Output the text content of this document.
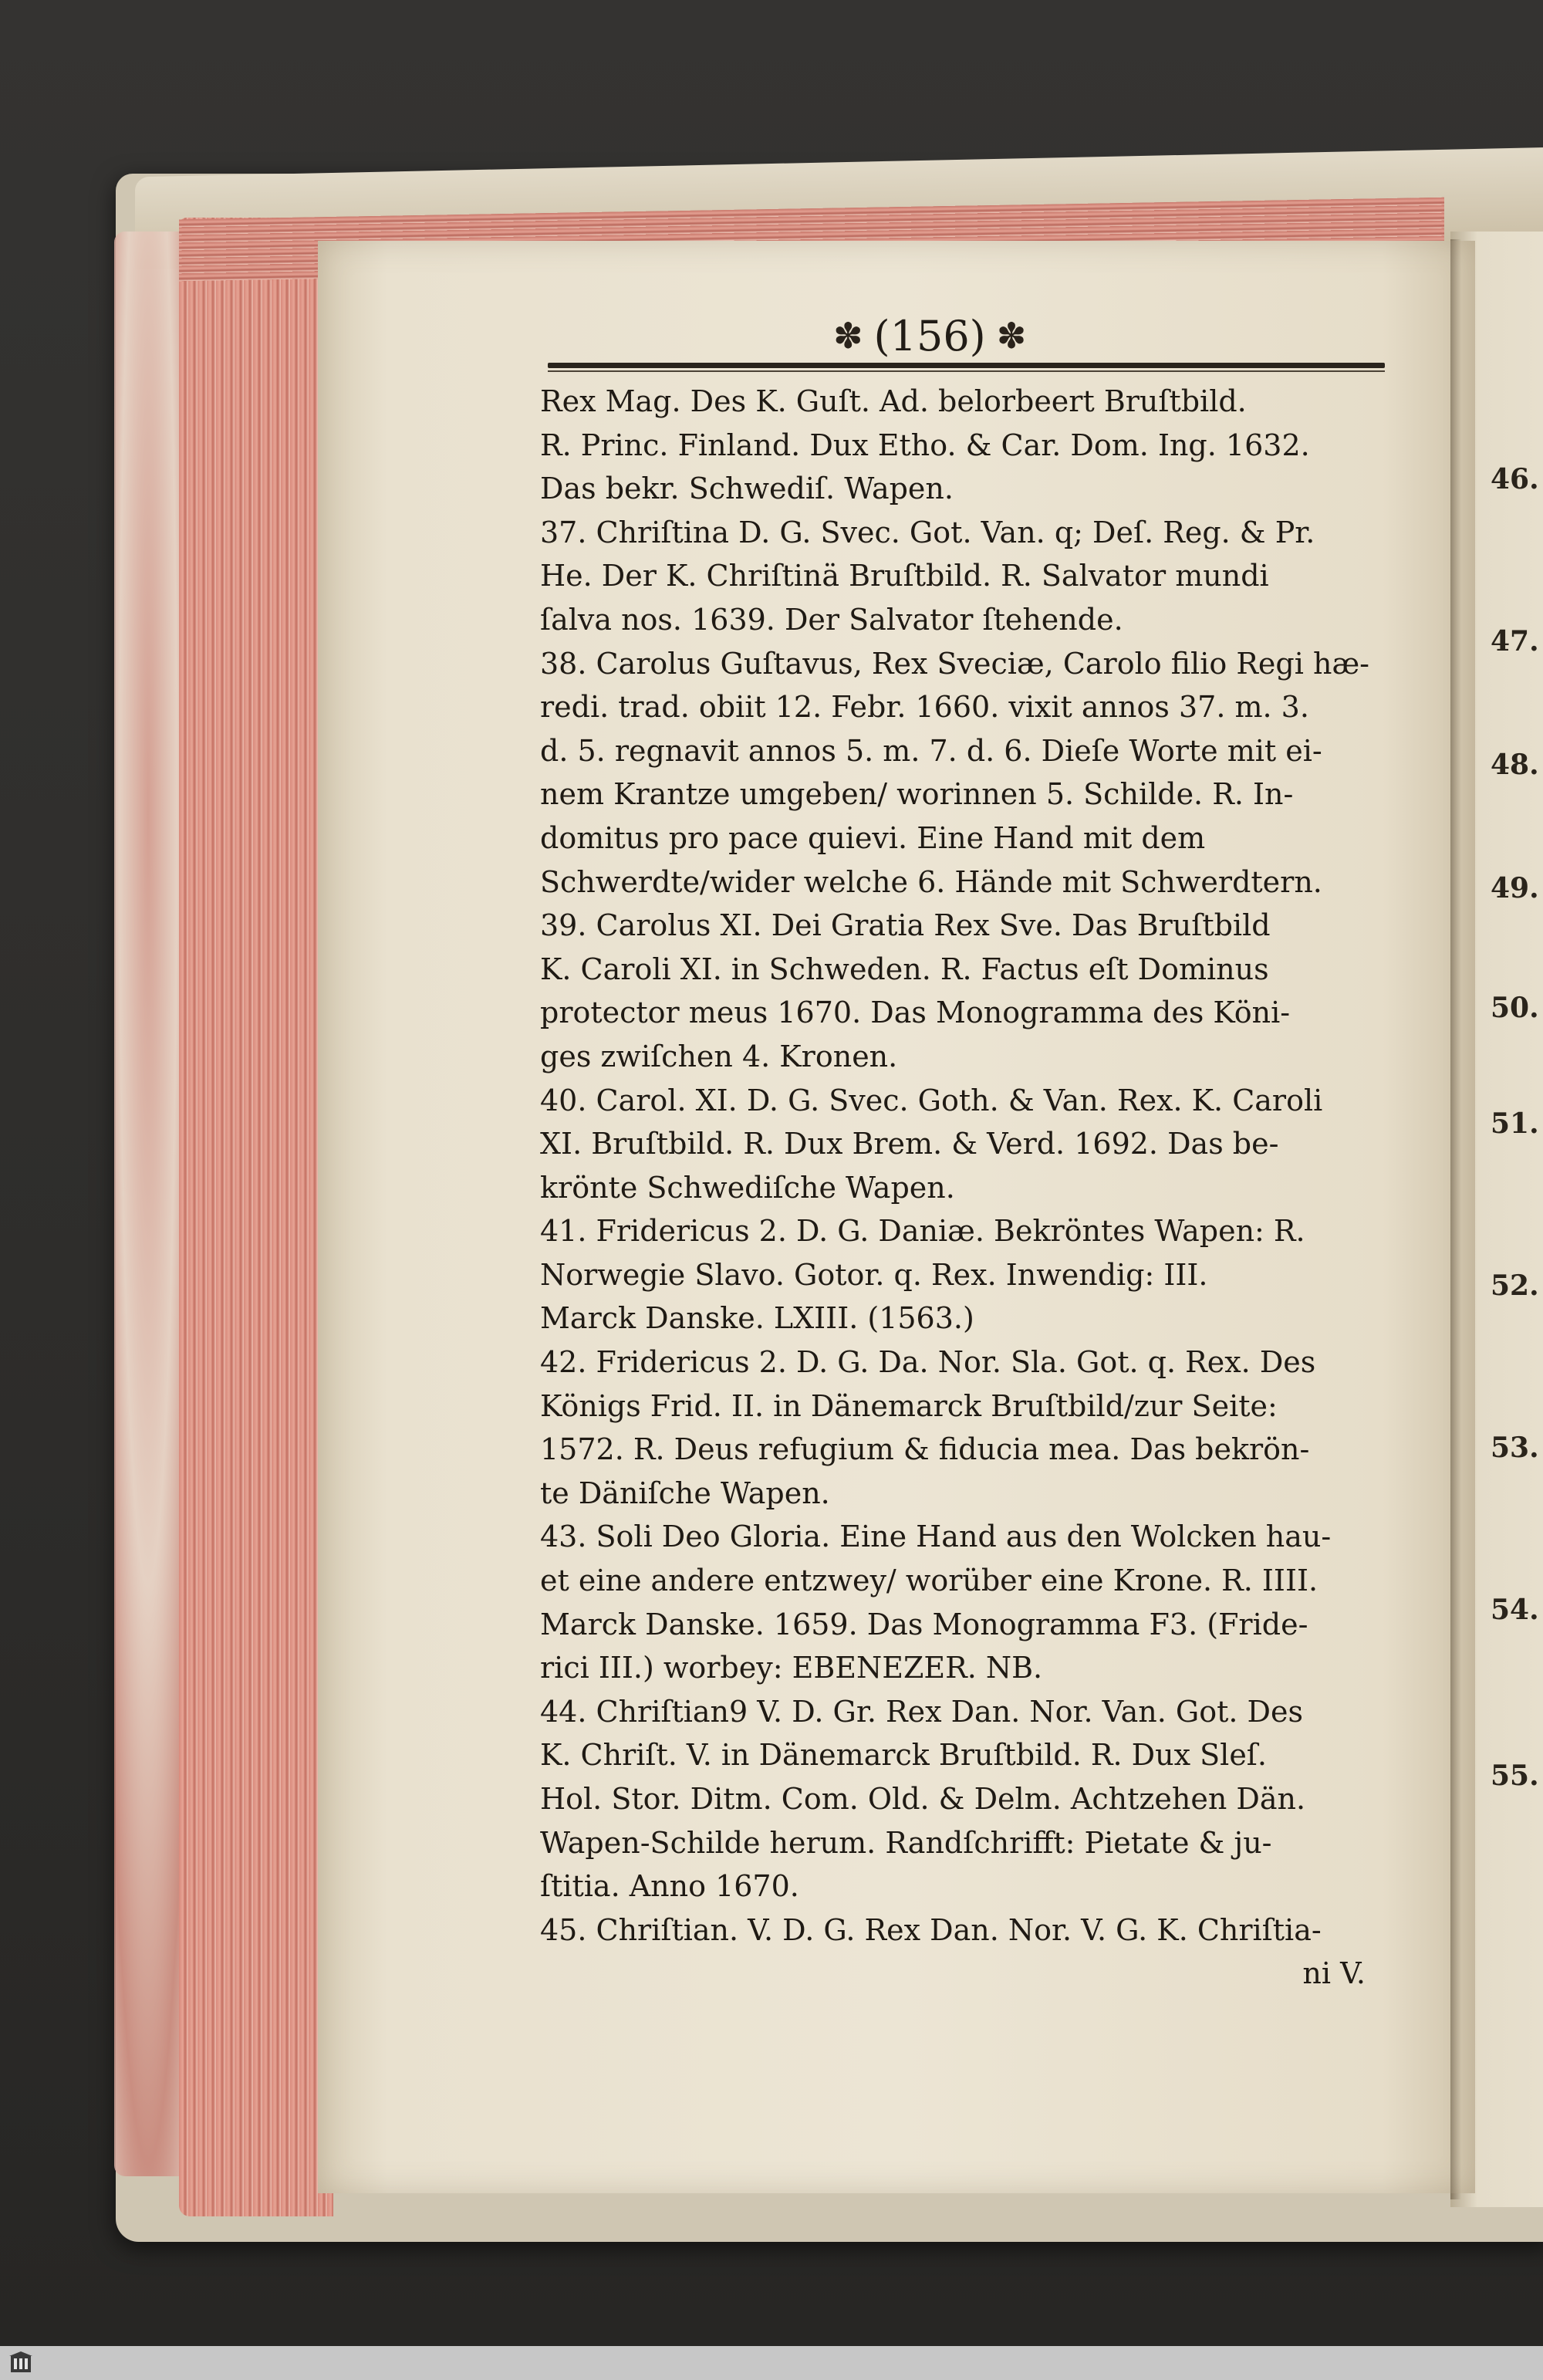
✽ (156) ✽
Rex Mag. Des K. Guſt. Ad. belorbeert Bruſtbild.
R. Princ. Finland. Dux Etho. & Car. Dom. Ing. 1632.
Das bekr. Schwediſ. Wapen.
37. Chriſtina D. G. Svec. Got. Van. q; Deſ. Reg. & Pr.
He. Der K. Chriſtinä Bruſtbild. R. Salvator mundi
ſalva nos. 1639. Der Salvator ſtehende.
38. Carolus Guſtavus, Rex Sveciæ, Carolo filio Regi hæ-
redi. trad. obiit 12. Febr. 1660. vixit annos 37. m. 3.
d. 5. regnavit annos 5. m. 7. d. 6. Dieſe Worte mit ei-
nem Krantze umgeben/ worinnen 5. Schilde. R. In-
domitus pro pace quievi. Eine Hand mit dem
Schwerdte/wider welche 6. Hände mit Schwerdtern.
39. Carolus XI. Dei Gratia Rex Sve. Das Bruſtbild
K. Caroli XI. in Schweden. R. Factus eſt Dominus
protector meus 1670. Das Monogramma des Köni-
ges zwiſchen 4. Kronen.
40. Carol. XI. D. G. Svec. Goth. & Van. Rex. K. Caroli
XI. Bruſtbild. R. Dux Brem. & Verd. 1692. Das be-
krönte Schwediſche Wapen.
41. Fridericus 2. D. G. Daniæ. Bekröntes Wapen: R.
Norwegie Slavo. Gotor. q. Rex. Inwendig: III.
Marck Danske. LXIII. (1563.)
42. Fridericus 2. D. G. Da. Nor. Sla. Got. q. Rex. Des
Königs Frid. II. in Dänemarck Bruſtbild/zur Seite:
1572. R. Deus refugium & fiducia mea. Das bekrön-
te Däniſche Wapen.
43. Soli Deo Gloria. Eine Hand aus den Wolcken hau-
et eine andere entzwey/ worüber eine Krone. R. IIII.
Marck Danske. 1659. Das Monogramma F3. (Fride-
rici III.) worbey: EBENEZER. NB.
44. Chriſtian9 V. D. Gr. Rex Dan. Nor. Van. Got. Des
K. Chriſt. V. in Dänemarck Bruſtbild. R. Dux Sleſ.
Hol. Stor. Ditm. Com. Old. & Delm. Achtzehen Dän.
Wapen-Schilde herum. Randſchrifft: Pietate & ju-
ſtitia. Anno 1670.
45. Chriſtian. V. D. G. Rex Dan. Nor. V. G. K. Chriſtia-
ni V.
46.
47.
48.
49.
50.
51.
52.
53.
54.
55.
